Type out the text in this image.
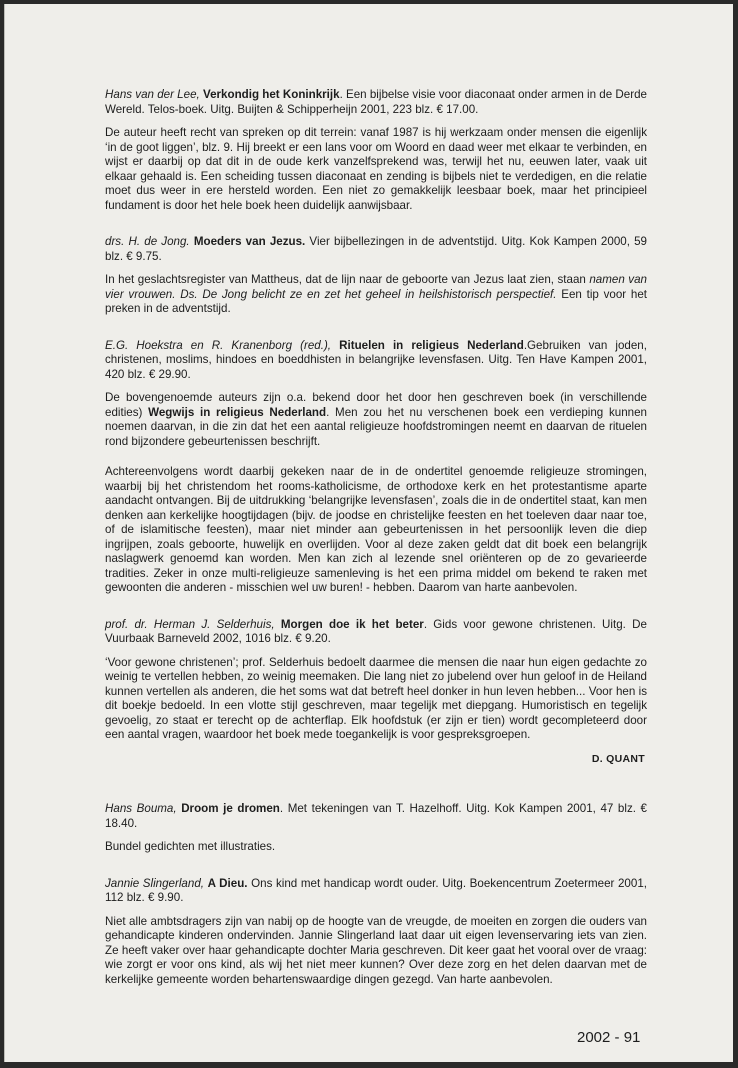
Hans van der Lee, Verkondig het Koninkrijk. Een bijbelse visie voor diaconaat onder armen in de Derde Wereld. Telos-boek. Uitg. Buijten & Schipperheijn 2001, 223 blz. € 17.00.

De auteur heeft recht van spreken op dit terrein: vanaf 1987 is hij werkzaam onder mensen die eigenlijk ‘in de goot liggen’, blz. 9. Hij breekt er een lans voor om Woord en daad weer met elkaar te verbinden, en wijst er daarbij op dat dit in de oude kerk vanzelfsprekend was, terwijl het nu, eeuwen later, vaak uit elkaar gehaald is. Een scheiding tussen diaconaat en zending is bijbels niet te verdedigen, en die relatie moet dus weer in ere hersteld worden. Een niet zo gemakkelijk leesbaar boek, maar het principieel fundament is door het hele boek heen duidelijk aanwijsbaar.

drs. H. de Jong. Moeders van Jezus. Vier bijbellezingen in de adventstijd. Uitg. Kok Kampen 2000, 59 blz. € 9.75.

In het geslachtsregister van Mattheus, dat de lijn naar de geboorte van Jezus laat zien, staan namen van vier vrouwen. Ds. De Jong belicht ze en zet het geheel in heilshistorisch perspectief. Een tip voor het preken in de adventstijd.

E.G. Hoekstra en R. Kranenborg (red.), Rituelen in religieus Nederland.Gebruiken van joden, christenen, moslims, hindoes en boeddhisten in belangrijke levensfasen. Uitg. Ten Have Kampen 2001, 420 blz. € 29.90.

De bovengenoemde auteurs zijn o.a. bekend door het door hen geschreven boek (in verschillende edities) Wegwijs in religieus Nederland. Men zou het nu verschenen boek een verdieping kunnen noemen daarvan, in die zin dat het een aantal religieuze hoofdstromingen neemt en daarvan de rituelen rond bijzondere gebeurtenissen beschrijft.

Achtereenvolgens wordt daarbij gekeken naar de in de ondertitel genoemde religieuze stromingen, waarbij bij het christendom het rooms-katholicisme, de orthodoxe kerk en het protestantisme aparte aandacht ontvangen. Bij de uitdrukking ‘belangrijke levensfasen’, zoals die in de ondertitel staat, kan men denken aan kerkelijke hoogtijdagen (bijv. de joodse en christelijke feesten en het toeleven daar naar toe, of de islamitische feesten), maar niet minder aan gebeurtenissen in het persoonlijk leven die diep ingrijpen, zoals geboorte, huwelijk en overlijden. Voor al deze zaken geldt dat dit boek een belangrijk naslagwerk genoemd kan worden. Men kan zich al lezende snel oriënteren op de zo gevarieerde tradities. Zeker in onze multi-religieuze samenleving is het een prima middel om bekend te raken met gewoonten die anderen - misschien wel uw buren! - hebben. Daarom van harte aanbevolen.

prof. dr. Herman J. Selderhuis, Morgen doe ik het beter. Gids voor gewone christenen. Uitg. De Vuurbaak Barneveld 2002, 1016 blz. € 9.20.

‘Voor gewone christenen’; prof. Selderhuis bedoelt daarmee die mensen die naar hun eigen gedachte zo weinig te vertellen hebben, zo weinig meemaken. Die lang niet zo jubelend over hun geloof in de Heiland kunnen vertellen als anderen, die het soms wat dat betreft heel donker in hun leven hebben... Voor hen is dit boekje bedoeld. In een vlotte stijl geschreven, maar tegelijk met diepgang. Humoristisch en tegelijk gevoelig, zo staat er terecht op de achterflap. Elk hoofdstuk (er zijn er tien) wordt gecompleteerd door een aantal vragen, waardoor het boek mede toegankelijk is voor gespreksgroepen.

D. QUANT

Hans Bouma, Droom je dromen. Met tekeningen van T. Hazelhoff. Uitg. Kok Kampen 2001, 47 blz. € 18.40.

Bundel gedichten met illustraties.

Jannie Slingerland, A Dieu. Ons kind met handicap wordt ouder. Uitg. Boekencentrum Zoetermeer 2001, 112 blz. € 9.90.

Niet alle ambtsdragers zijn van nabij op de hoogte van de vreugde, de moeiten en zorgen die ouders van gehandicapte kinderen ondervinden. Jannie Slingerland laat daar uit eigen levenservaring iets van zien. Ze heeft vaker over haar gehandicapte dochter Maria geschreven. Dit keer gaat het vooral over de vraag: wie zorgt er voor ons kind, als wij het niet meer kunnen? Over deze zorg en het delen daarvan met de kerkelijke gemeente worden behartenswaardige dingen gezegd. Van harte aanbevolen.

2002 - 91
